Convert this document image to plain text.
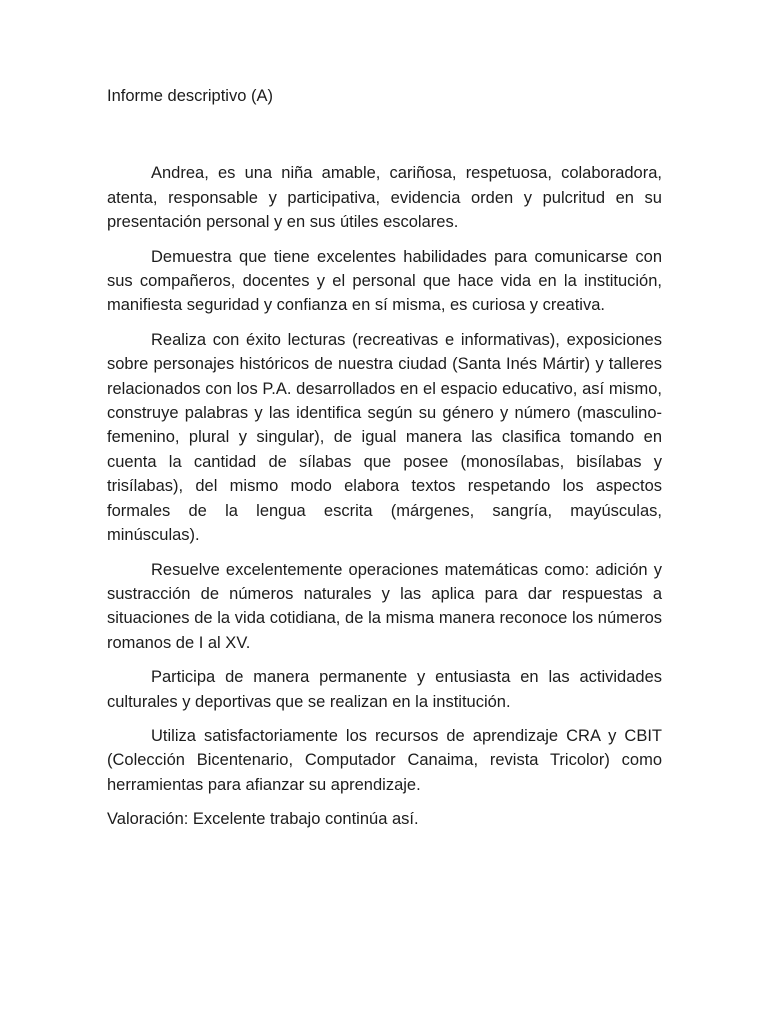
Informe descriptivo (A)

Andrea, es una niña amable, cariñosa, respetuosa, colaboradora, atenta, responsable y participativa, evidencia orden y pulcritud en su presentación personal y en sus útiles escolares.

Demuestra que tiene excelentes habilidades para comunicarse con sus compañeros, docentes y el personal que hace vida en la institución, manifiesta seguridad y confianza en sí misma, es curiosa y creativa.

Realiza con éxito lecturas (recreativas e informativas), exposiciones sobre personajes históricos de nuestra ciudad (Santa Inés Mártir) y talleres relacionados con los P.A. desarrollados en el espacio educativo, así mismo, construye palabras y las identifica según su género y número (masculino-femenino, plural y singular), de igual manera las clasifica tomando en cuenta la cantidad de sílabas que posee (monosílabas, bisílabas y trisílabas), del mismo modo elabora textos respetando los aspectos formales de la lengua escrita (márgenes, sangría, mayúsculas, minúsculas).

Resuelve excelentemente operaciones matemáticas como: adición y sustracción de números naturales y las aplica para dar respuestas a situaciones de la vida cotidiana, de la misma manera reconoce los números romanos de I al XV.

Participa de manera permanente y entusiasta en las actividades culturales y deportivas que se realizan en la institución.

Utiliza satisfactoriamente los recursos de aprendizaje CRA y CBIT (Colección Bicentenario, Computador Canaima, revista Tricolor) como herramientas para afianzar su aprendizaje.

Valoración: Excelente trabajo continúa así.
